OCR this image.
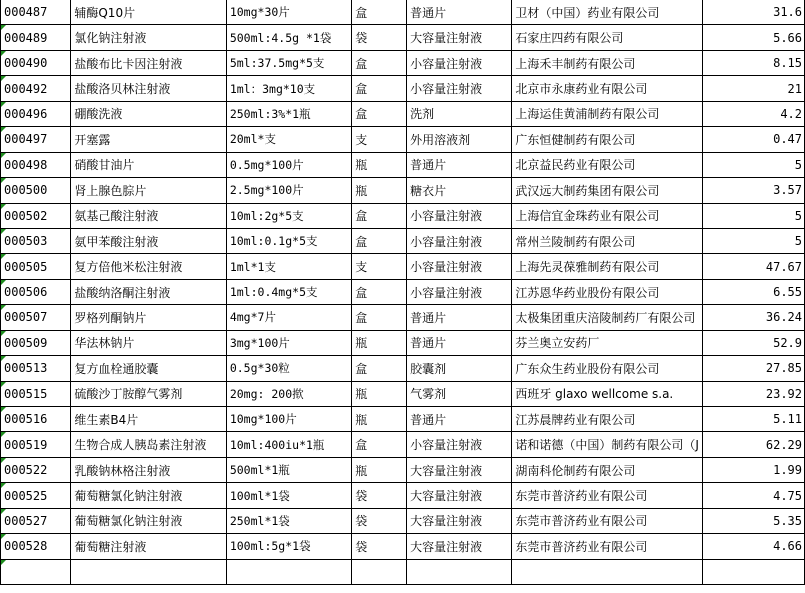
000487	辅酶Q10片	10mg*30片	盒	普通片	卫材（中国）药业有限公司	31.6
000489	氯化钠注射液	500ml:4.5g *1袋	袋	大容量注射液	石家庄四药有限公司	5.66
000490	盐酸布比卡因注射液	5ml:37.5mg*5支	盒	小容量注射液	上海禾丰制药有限公司	8.15
000492	盐酸洛贝林注射液	1ml：3mg*10支	盒	小容量注射液	北京市永康药业有限公司	21
000496	硼酸洗液	250ml:3%*1瓶	盒	洗剂	上海运佳黄浦制药有限公司	4.2
000497	开塞露	20ml*支	支	外用溶液剂	广东恒健制药有限公司	0.47
000498	硝酸甘油片	0.5mg*100片	瓶	普通片	北京益民药业有限公司	5
000500	肾上腺色腙片	2.5mg*100片	瓶	糖衣片	武汉远大制药集团有限公司	3.57
000502	氨基己酸注射液	10ml:2g*5支	盒	小容量注射液	上海信宜金珠药业有限公司	5
000503	氨甲苯酸注射液	10ml:0.1g*5支	盒	小容量注射液	常州兰陵制药有限公司	5
000505	复方倍他米松注射液	1ml*1支	支	小容量注射液	上海先灵葆雅制药有限公司	47.67
000506	盐酸纳洛酮注射液	1ml:0.4mg*5支	盒	小容量注射液	江苏恩华药业股份有限公司	6.55
000507	罗格列酮钠片	4mg*7片	盒	普通片	太极集团重庆涪陵制药厂有限公司	36.24
000509	华法林钠片	3mg*100片	瓶	普通片	芬兰奥立安药厂	52.9
000513	复方血栓通胶囊	0.5g*30粒	盒	胶囊剂	广东众生药业股份有限公司	27.85
000515	硫酸沙丁胺醇气雾剂	20mg: 200揿	瓶	气雾剂	西班牙 glaxo wellcome s.a.	23.92
000516	维生素B4片	10mg*100片	瓶	普通片	江苏晨牌药业有限公司	5.11
000519	生物合成人胰岛素注射液	10ml:400iu*1瓶	盒	小容量注射液	诺和诺德（中国）制药有限公司（J	62.29
000522	乳酸钠林格注射液	500ml*1瓶	瓶	大容量注射液	湖南科伦制药有限公司	1.99
000525	葡萄糖氯化钠注射液	100ml*1袋	袋	大容量注射液	东莞市普济药业有限公司	4.75
000527	葡萄糖氯化钠注射液	250ml*1袋	袋	大容量注射液	东莞市普济药业有限公司	5.35
000528	葡萄糖注射液	100ml:5g*1袋	袋	大容量注射液	东莞市普济药业有限公司	4.66
